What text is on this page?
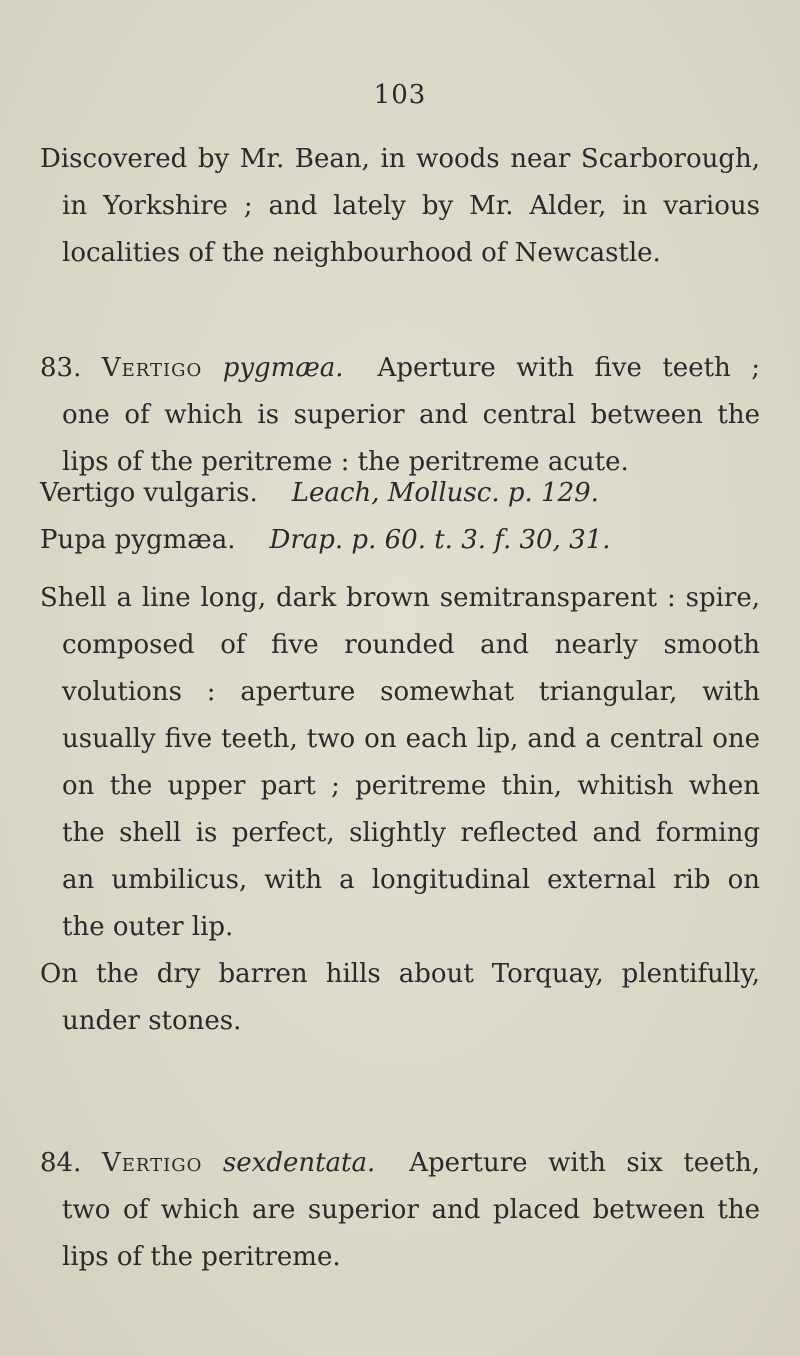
103

Discovered by Mr. Bean, in woods near Scarborough,

in Yorkshire ; and lately by Mr. Alder, in various

localities of the neighbourhood of Newcastle.

83. Vertigo pygmæa. Aperture with five teeth ;

one of which is superior and central between the

lips of the peritreme : the peritreme acute.

Vertigo vulgaris. Leach, Mollusc. p. 129.

Pupa pygmæa. Drap. p. 60. t. 3. f. 30, 31.

Shell a line long, dark brown semitransparent : spire,

composed of five rounded and nearly smooth

volutions : aperture somewhat triangular, with

usually five teeth, two on each lip, and a central one

on the upper part ; peritreme thin, whitish when

the shell is perfect, slightly reflected and forming

an umbilicus, with a longitudinal external rib on

the outer lip.

On the dry barren hills about Torquay, plentifully,

under stones.

84. Vertigo sexdentata. Aperture with six teeth,

two of which are superior and placed between the

lips of the peritreme.
